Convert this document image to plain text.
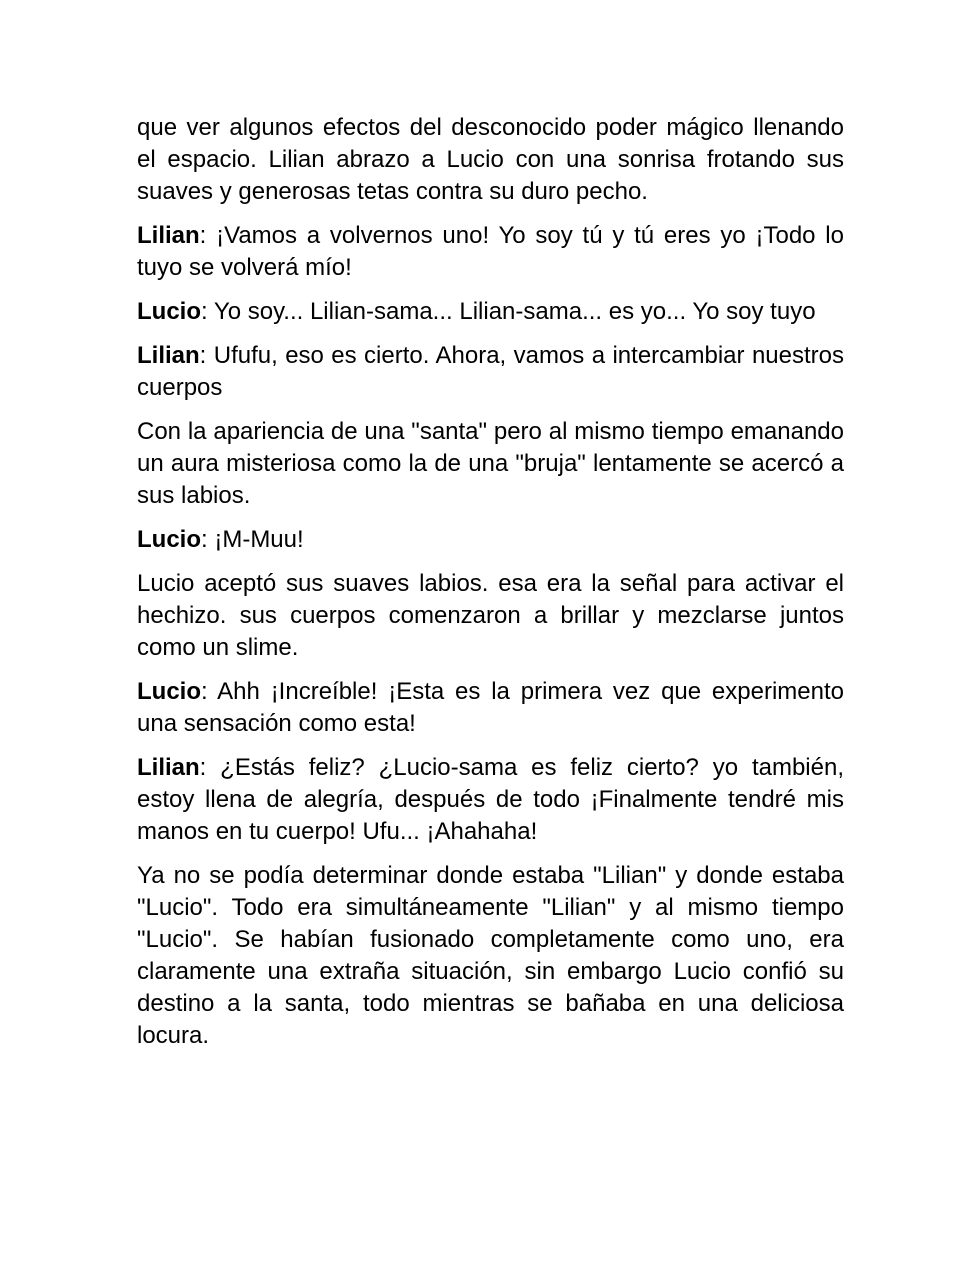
que ver algunos efectos del desconocido poder mágico llenando el espacio. Lilian abrazo a Lucio con una sonrisa frotando sus suaves y generosas tetas contra su duro pecho.

Lilian: ¡Vamos a volvernos uno! Yo soy tú y tú eres yo ¡Todo lo tuyo se volverá mío!

Lucio: Yo soy... Lilian-sama... Lilian-sama... es yo... Yo soy tuyo

Lilian: Ufufu, eso es cierto. Ahora, vamos a intercambiar nuestros cuerpos

Con la apariencia de una "santa" pero al mismo tiempo emanando un aura misteriosa como la de una "bruja" lentamente se acercó a sus labios.

Lucio: ¡M-Muu!

Lucio aceptó sus suaves labios. esa era la señal para activar el hechizo. sus cuerpos comenzaron a brillar y mezclarse juntos como un slime.

Lucio: Ahh ¡Increíble! ¡Esta es la primera vez que experimento una sensación como esta!

Lilian: ¿Estás feliz? ¿Lucio-sama es feliz cierto? yo también, estoy llena de alegría, después de todo ¡Finalmente tendré mis manos en tu cuerpo! Ufu... ¡Ahahaha!

Ya no se podía determinar donde estaba "Lilian" y donde estaba "Lucio". Todo era simultáneamente "Lilian" y al mismo tiempo "Lucio". Se habían fusionado completamente como uno, era claramente una extraña situación, sin embargo Lucio confió su destino a la santa, todo mientras se bañaba en una deliciosa locura.
